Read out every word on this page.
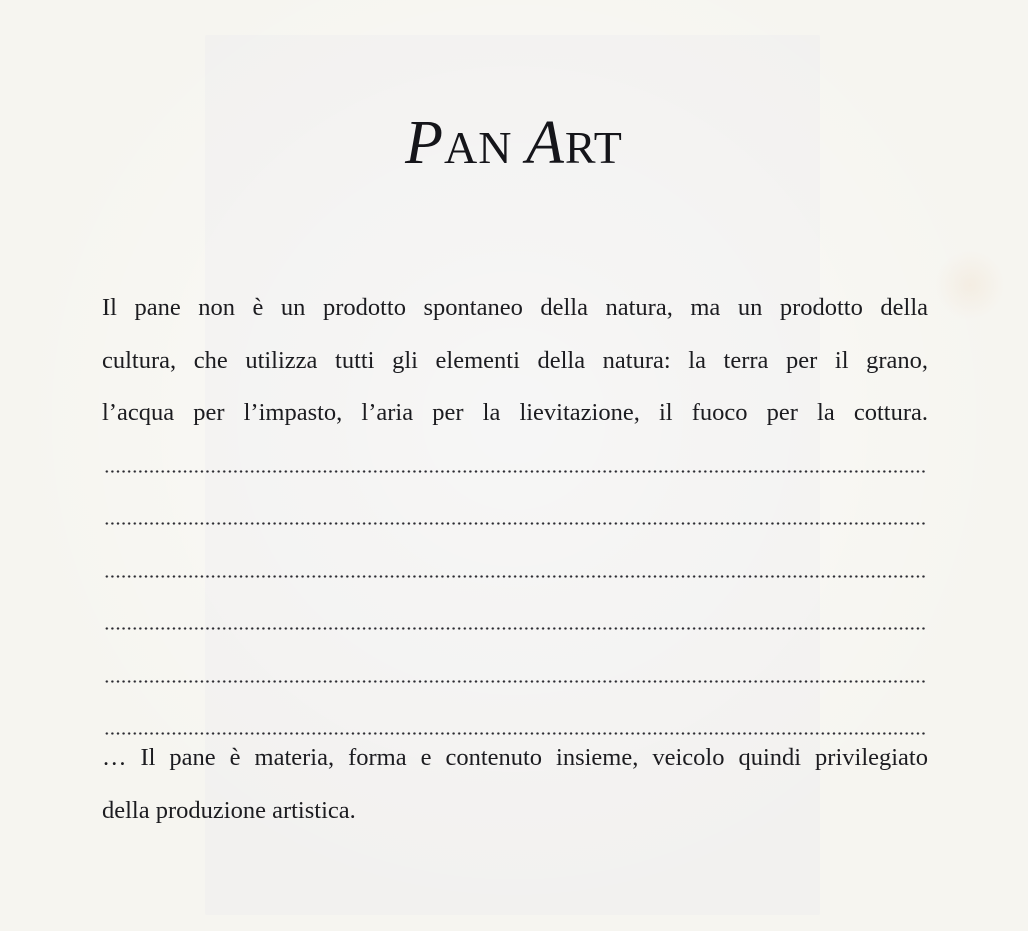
PAN ART
Il pane non è un prodotto spontaneo della natura, ma un prodotto della
cultura, che utilizza tutti gli elementi della natura: la terra per il grano,
l’acqua per l’impasto, l’aria per la lievitazione, il fuoco per la cottura.
… Il pane è materia, forma e contenuto insieme, veicolo quindi privilegiato
della produzione artistica.
